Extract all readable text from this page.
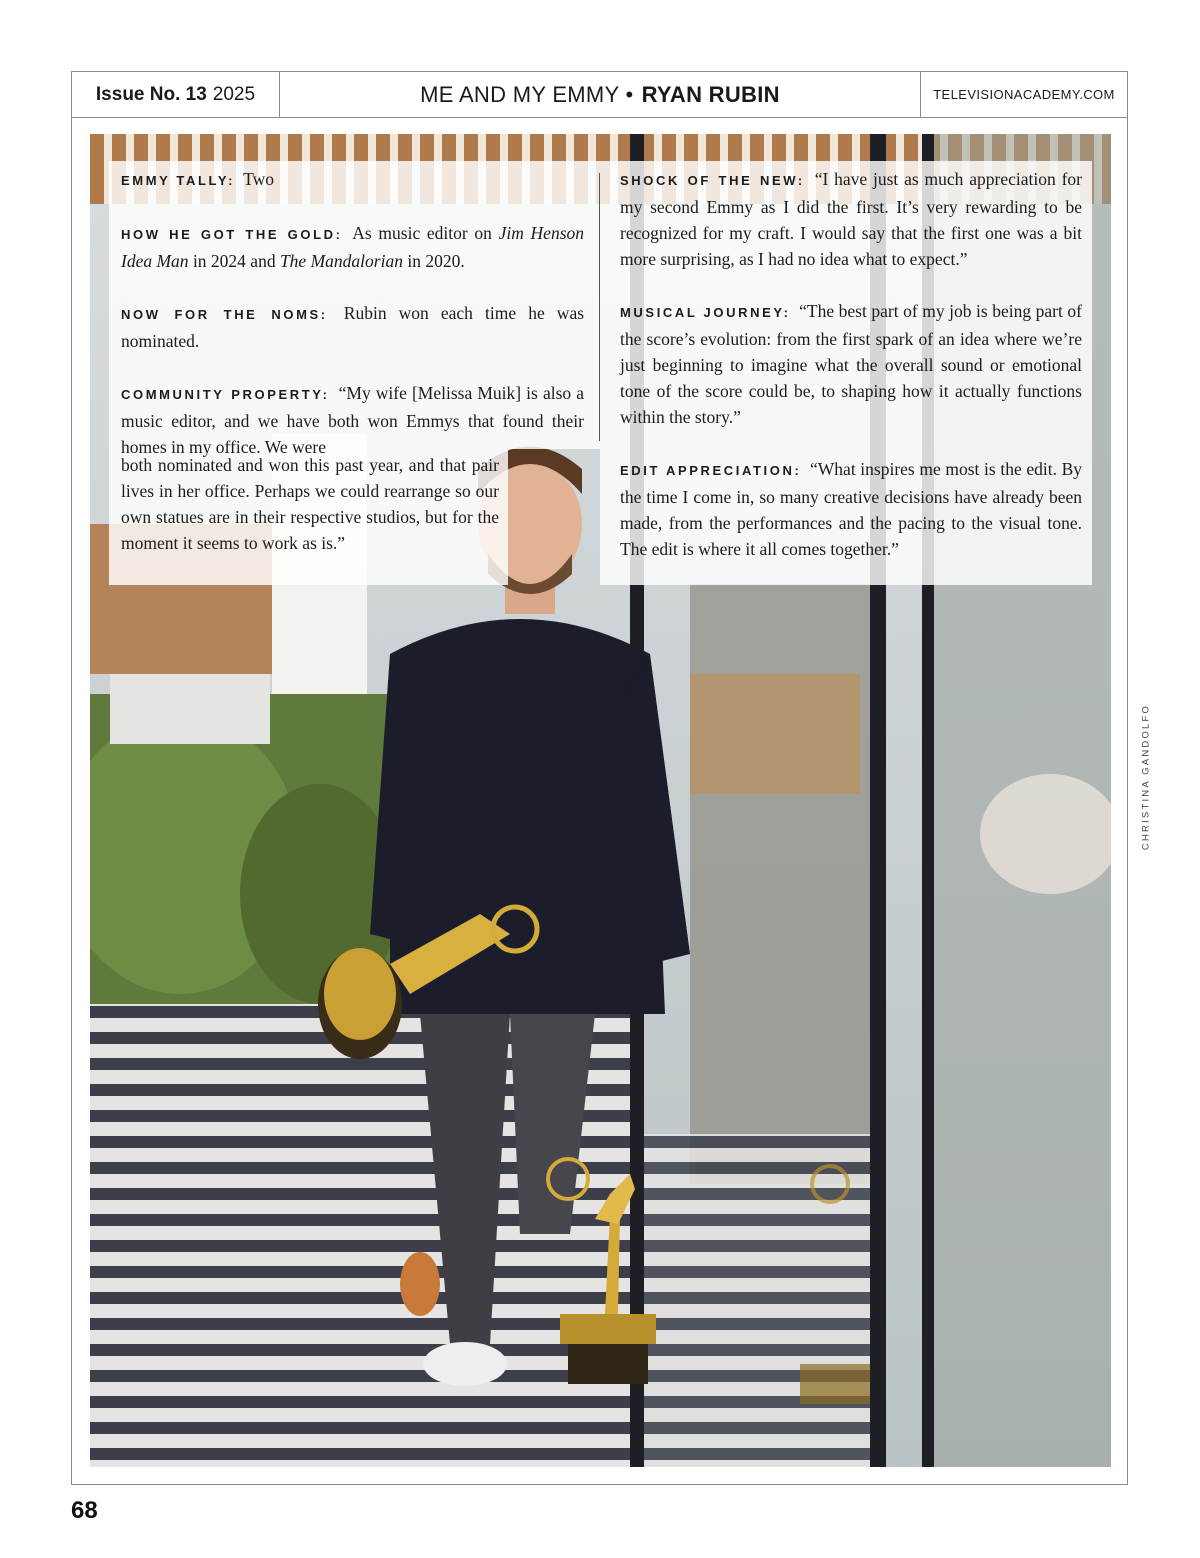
Issue No. 13 2025	ME AND MY EMMY • RYAN RUBIN	TELEVISIONACADEMY.COM

EMMY TALLY: Two

HOW HE GOT THE GOLD: As music editor on Jim Henson Idea Man in 2024 and The Mandalorian in 2020.

NOW FOR THE NOMS: Rubin won each time he was nominated.

COMMUNITY PROPERTY: “My wife [Melissa Muik] is also a music editor, and we have both won Emmys that found their homes in my office. We were

both nominated and won this past year, and that pair lives in her office. Perhaps we could rearrange so our own statues are in their respective studios, but for the moment it seems to work as is.”

SHOCK OF THE NEW: “I have just as much appreciation for my second Emmy as I did the first. It’s very rewarding to be recognized for my craft. I would say that the first one was a bit more surprising, as I had no idea what to expect.”

MUSICAL JOURNEY: “The best part of my job is being part of the score’s evolution: from the first spark of an idea where we’re just beginning to imagine what the overall sound or emotional tone of the score could be, to shaping how it actually functions within the story.”

EDIT APPRECIATION: “What inspires me most is the edit. By the time I come in, so many creative decisions have already been made, from the performances and the pacing to the visual tone. The edit is where it all comes together.”

CHRISTINA GANDOLFO
68
